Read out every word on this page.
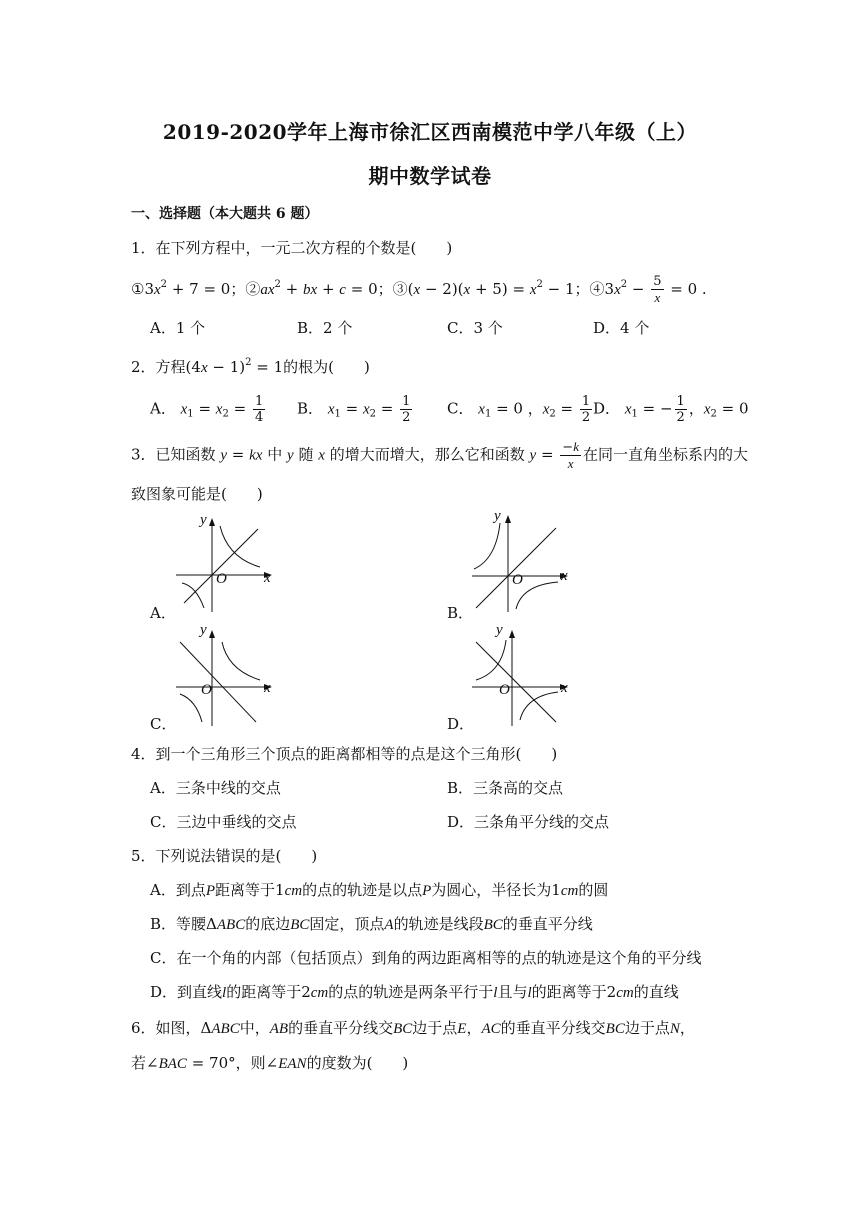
2019-2020学年上海市徐汇区西南模范中学八年级（上）
期中数学试卷
一、选择题（本大题共 6 题）
1．在下列方程中，一元二次方程的个数是(　　)
$①3x^2 + 7 = 0$；$②ax^2$ + bx + c = 0；③(x − $2)(x + 5) = x^2 - 1$；$④3x^2 - \frac{5}{x} = 0$ .
A．1 个	B．2 个	C．3 个	D．4 个
2．方程$(4x - 1)^2 = 1$的根为(　　)
A． $x_1 = x_2 = \frac{1}{4}$ B． $x_1 = x_2 = \frac{1}{2}$ C． $x_1 = 0$ ，$x_2 = \frac{1}{2}$ D． $x_1$ = − $\frac{1}{2}$ ，$x_2 = 0$
3．已知函数 y = kx 中 y 随 x 的增大而增大，那么它和函数 $y = \frac{-k}{x}$ 在同一直角坐标系内的大
致图象可能是(　　)
y
x
O
A．
y
x
O
B．
y
x
O
C．
y
x
O
D．
4．到一个三角形三个顶点的距离都相等的点是这个三角形(　　)
A．三条中线的交点	B．三条高的交点
C．三边中垂线的交点	D．三条角平分线的交点
5．下列说法错误的是(　　)
A．到点P距离等于1cm的点的轨迹是以点P为圆心，半径长为1cm的圆
B．等腰ΔABC的底边BC固定，顶点A的轨迹是线段BC的垂直平分线
C．在一个角的内部（包括顶点）到角的两边距离相等的点的轨迹是这个角的平分线
D．到直线l的距离等于2cm的点的轨迹是两条平行于l且与l的距离等于2cm的直线
6．如图，ΔABC中，AB的垂直平分线交BC边于点E，AC的垂直平分线交BC边于点N，
若∠BAC = 70°，则∠EAN的度数为(　　)
